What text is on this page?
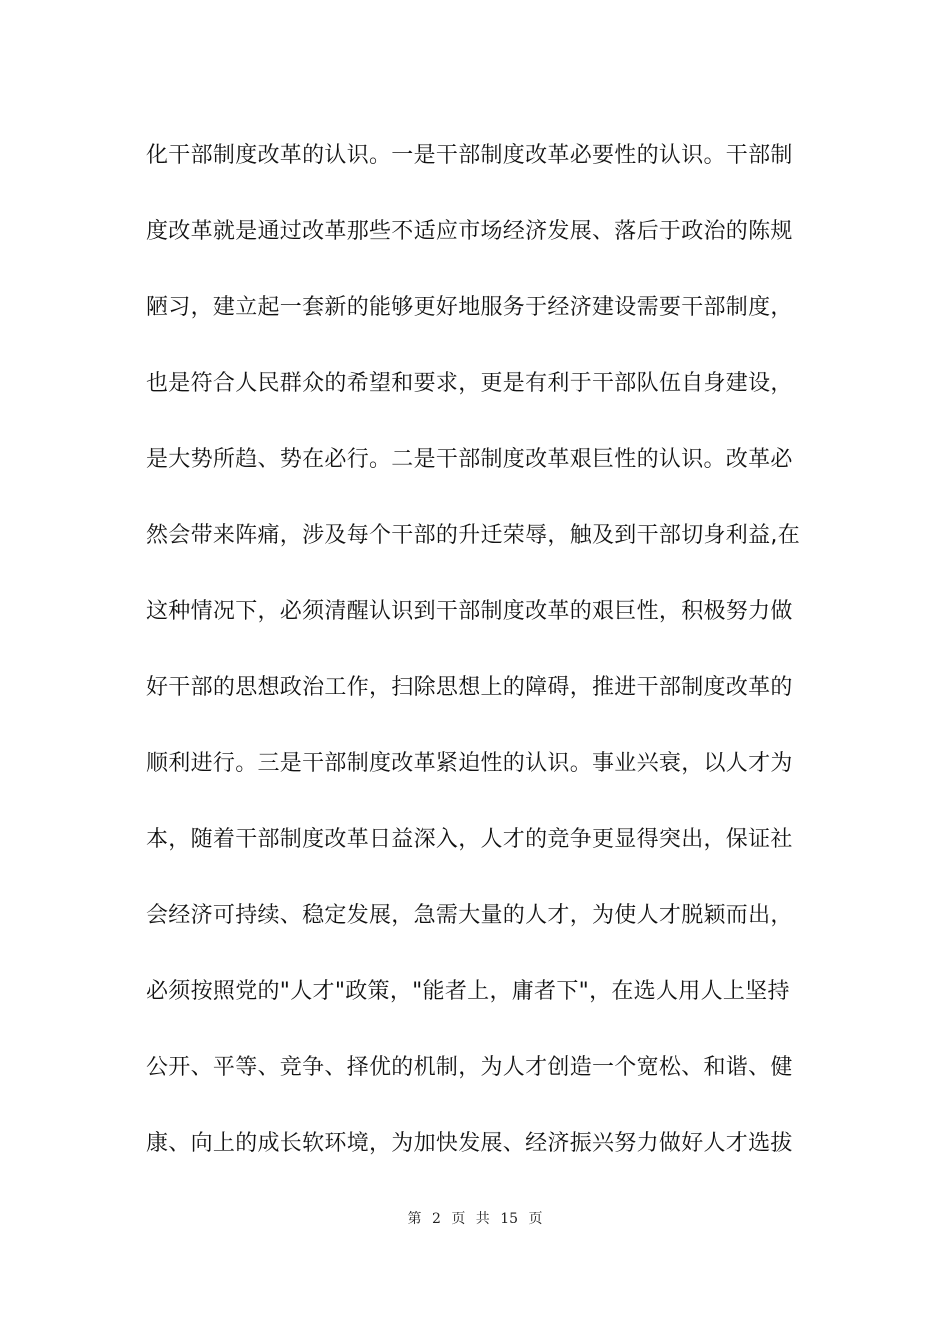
化干部制度改革的认识。一是干部制度改革必要性的认识。干部制
度改革就是通过改革那些不适应市场经济发展、落后于政治的陈规
陋习，建立起一套新的能够更好地服务于经济建设需要干部制度，
也是符合人民群众的希望和要求，更是有利于干部队伍自身建设，
是大势所趋、势在必行。二是干部制度改革艰巨性的认识。改革必
然会带来阵痛，涉及每个干部的升迁荣辱，触及到干部切身利益,在
这种情况下，必须清醒认识到干部制度改革的艰巨性，积极努力做
好干部的思想政治工作，扫除思想上的障碍，推进干部制度改革的
顺利进行。三是干部制度改革紧迫性的认识。事业兴衰，以人才为
本，随着干部制度改革日益深入，人才的竞争更显得突出，保证社
会经济可持续、稳定发展，急需大量的人才，为使人才脱颖而出，
必须按照党的"人才"政策，"能者上，庸者下"，在选人用人上坚持
公开、平等、竞争、择优的机制，为人才创造一个宽松、和谐、健
康、向上的成长软环境，为加快发展、经济振兴努力做好人才选拔
第 2 页 共 15 页
